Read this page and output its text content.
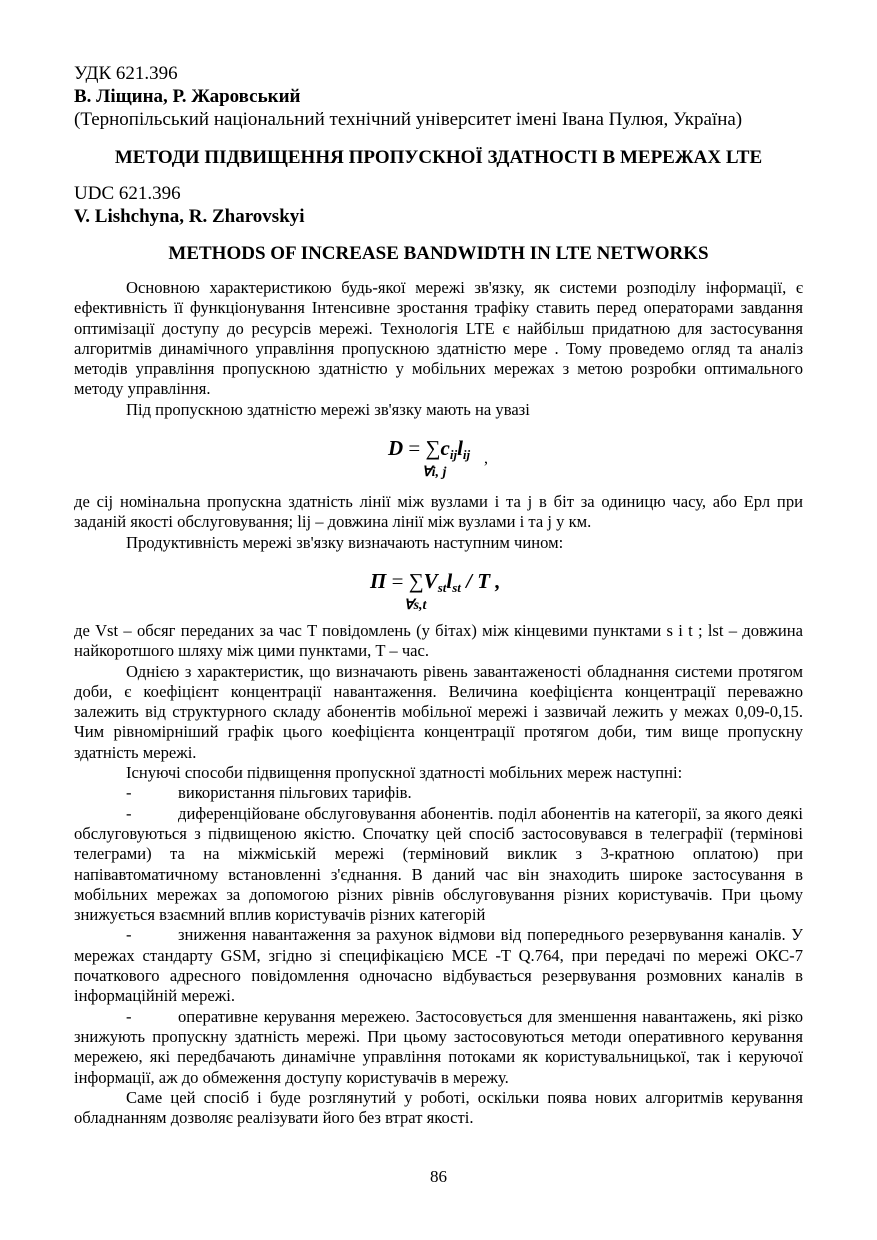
УДК 621.396
В. Ліщина, Р. Жаровський
(Тернопільський національний технічний університет імені Івана Пулюя, Україна)
МЕТОДИ ПІДВИЩЕННЯ ПРОПУСКНОЇ ЗДАТНОСТІ В МЕРЕЖАХ LTE
UDC 621.396
V. Lishchyna, R. Zharovskyi
METHODS OF INCREASE BANDWIDTH IN LTE NETWORKS

Основною характеристикою будь-якої мережі зв'язку, як системи розподілу інформації, є ефективність її функціонування Інтенсивне зростання трафіку ставить перед операторами завдання оптимізації доступу до ресурсів мережі. Технологія LTE є найбільш придатною для застосування алгоритмів динамічного управління пропускною здатністю мере . Тому проведемо огляд та аналіз методів управління пропускною здатністю у мобільних мережах з метою розробки оптимального методу управління.

Під пропускною здатністю мережі зв'язку мають на увазі

$D = \sum c_{ij}l_{ij}$
∀i, j
,

де cij номінальна пропускна здатність лінії між вузлами i та j в біт за одиницю часу, або Ерл при заданій якості обслуговування; lij – довжина лінії між вузлами i та j у км.

Продуктивність мережі зв'язку визначають наступним чином:

$П = \sum V_{st}l_{st} / T$ ,
∀s,t

де Vst – обсяг переданих за час T повідомлень (у бітах) між кінцевими пунктами s і t ; lst – довжина найкоротшого шляху між цими пунктами, T – час.

Однією з характеристик, що визначають рівень завантаженості обладнання системи протягом доби, є коефіцієнт концентрації навантаження. Величина коефіцієнта концентрації переважно залежить від структурного складу абонентів мобільної мережі і зазвичай лежить у межах 0,09-0,15. Чим рівномірніший графік цього коефіцієнта концентрації протягом доби, тим вище пропускну здатність мережі.

Існуючі способи підвищення пропускної здатності мобільних мереж наступні:

-	використання пільгових тарифів.

-	диференційоване обслуговування абонентів. поділ абонентів на категорії, за якого деякі обслуговуються з підвищеною якістю. Спочатку цей спосіб застосовувався в телеграфії (термінові телеграми) та на міжміській мережі (терміновий виклик з 3-кратною оплатою) при напівавтоматичному встановленні з'єднання. В даний час він знаходить широке застосування в мобільних мережах за допомогою різних рівнів обслуговування різних користувачів. При цьому знижується взаємний вплив користувачів різних категорій

-	зниження навантаження за рахунок відмови від попереднього резервування каналів. У мережах стандарту GSM, згідно зі специфікацією МСЕ -T Q.764, при передачі по мережі ОКС-7 початкового адресного повідомлення одночасно відбувається резервування розмовних каналів в інформаційній мережі.

-	оперативне керування мережею. Застосовується для зменшення навантажень, які різко знижують пропускну здатність мережі. При цьому застосовуються методи оперативного керування мережею, які передбачають динамічне управління потоками як користувальницької, так і керуючої інформації, аж до обмеження доступу користувачів в мережу.

Саме цей спосіб і буде розглянутий у роботі, оскільки поява нових алгоритмів керування обладнанням дозволяє реалізувати його без втрат якості.

86
